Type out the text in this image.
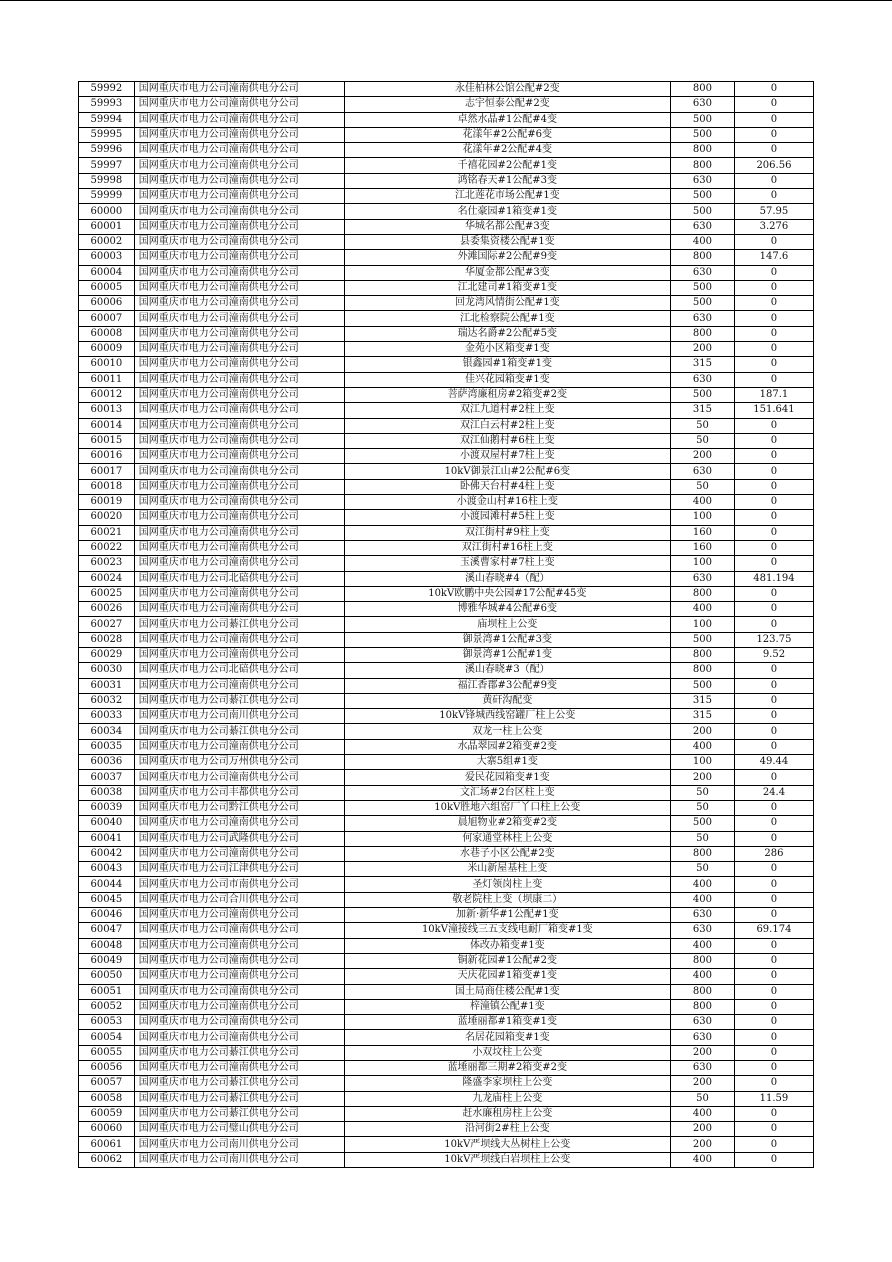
59992	国网重庆市电力公司潼南供电分公司	永佳柏林公馆公配#2变	800	0
59993	国网重庆市电力公司潼南供电分公司	志宇恒泰公配#2变	630	0
59994	国网重庆市电力公司潼南供电分公司	卓然水晶#1公配#4变	500	0
59995	国网重庆市电力公司潼南供电分公司	花漾年#2公配#6变	500	0
59996	国网重庆市电力公司潼南供电分公司	花漾年#2公配#4变	800	0
59997	国网重庆市电力公司潼南供电分公司	千禧花园#2公配#1变	800	206.56
59998	国网重庆市电力公司潼南供电分公司	鸿铭春天#1公配#3变	630	0
59999	国网重庆市电力公司潼南供电分公司	江北莲花市场公配#1变	500	0
60000	国网重庆市电力公司潼南供电分公司	名仕豪园#1箱变#1变	500	57.95
60001	国网重庆市电力公司潼南供电分公司	华城名都公配#3变	630	3.276
60002	国网重庆市电力公司潼南供电分公司	县委集资楼公配#1变	400	0
60003	国网重庆市电力公司潼南供电分公司	外滩国际#2公配#9变	800	147.6
60004	国网重庆市电力公司潼南供电分公司	华厦金都公配#3变	630	0
60005	国网重庆市电力公司潼南供电分公司	江北建司#1箱变#1变	500	0
60006	国网重庆市电力公司潼南供电分公司	回龙湾风情街公配#1变	500	0
60007	国网重庆市电力公司潼南供电分公司	江北检察院公配#1变	630	0
60008	国网重庆市电力公司潼南供电分公司	瑞达名爵#2公配#5变	800	0
60009	国网重庆市电力公司潼南供电分公司	金苑小区箱变#1变	200	0
60010	国网重庆市电力公司潼南供电分公司	银鑫园#1箱变#1变	315	0
60011	国网重庆市电力公司潼南供电分公司	佳兴花园箱变#1变	630	0
60012	国网重庆市电力公司潼南供电分公司	菩萨湾廉租房#2箱变#2变	500	187.1
60013	国网重庆市电力公司潼南供电分公司	双江九道村#2柱上变	315	151.641
60014	国网重庆市电力公司潼南供电分公司	双江白云村#2柱上变	50	0
60015	国网重庆市电力公司潼南供电分公司	双江仙鹅村#6柱上变	50	0
60016	国网重庆市电力公司潼南供电分公司	小渡双屋村#7柱上变	200	0
60017	国网重庆市电力公司潼南供电分公司	10kV御景江山#2公配#6变	630	0
60018	国网重庆市电力公司潼南供电分公司	卧佛天台村#4柱上变	50	0
60019	国网重庆市电力公司潼南供电分公司	小渡金山村#16柱上变	400	0
60020	国网重庆市电力公司潼南供电分公司	小渡园滩村#5柱上变	100	0
60021	国网重庆市电力公司潼南供电分公司	双江街村#9柱上变	160	0
60022	国网重庆市电力公司潼南供电分公司	双江街村#16柱上变	160	0
60023	国网重庆市电力公司潼南供电分公司	玉溪曹家村#7柱上变	100	0
60024	国网重庆市电力公司北碚供电分公司	溪山春晓#4（配）	630	481.194
60025	国网重庆市电力公司潼南供电分公司	10kV欧鹏中央公园#17公配#45变	800	0
60026	国网重庆市电力公司潼南供电分公司	博雅华城#4公配#6变	400	0
60027	国网重庆市电力公司綦江供电分公司	庙坝柱上公变	100	0
60028	国网重庆市电力公司潼南供电分公司	御景湾#1公配#3变	500	123.75
60029	国网重庆市电力公司潼南供电分公司	御景湾#1公配#1变	800	9.52
60030	国网重庆市电力公司北碚供电分公司	溪山春晓#3（配）	800	0
60031	国网重庆市电力公司潼南供电分公司	福江香郡#3公配#9变	500	0
60032	国网重庆市电力公司綦江供电分公司	黄矸沟配变	315	0
60033	国网重庆市电力公司南川供电分公司	10kV锋城西线窑罐厂柱上公变	315	0
60034	国网重庆市电力公司綦江供电分公司	双龙一柱上公变	200	0
60035	国网重庆市电力公司潼南供电分公司	水晶翠园#2箱变#2变	400	0
60036	国网重庆市电力公司万州供电分公司	大寨5组#1变	100	49.44
60037	国网重庆市电力公司潼南供电分公司	爱民花园箱变#1变	200	0
60038	国网重庆市电力公司丰都供电分公司	文汇场#2台区柱上变	50	24.4
60039	国网重庆市电力公司黔江供电分公司	10kV胜地六组窑厂丫口柱上公变	50	0
60040	国网重庆市电力公司潼南供电分公司	晨旭物业#2箱变#2变	500	0
60041	国网重庆市电力公司武隆供电分公司	何家通堂林柱上公变	50	0
60042	国网重庆市电力公司潼南供电分公司	水巷子小区公配#2变	800	286
60043	国网重庆市电力公司江津供电分公司	米山新屋基柱上变	50	0
60044	国网重庆市电力公司市南供电分公司	圣灯领岗柱上变	400	0
60045	国网重庆市电力公司合川供电分公司	敬老院柱上变（坝康二）	400	0
60046	国网重庆市电力公司潼南供电分公司	加新·新华#1公配#1变	630	0
60047	国网重庆市电力公司潼南供电分公司	10kV潼接线三五支线电耐厂箱变#1变	630	69.174
60048	国网重庆市电力公司潼南供电分公司	体改办箱变#1变	400	0
60049	国网重庆市电力公司潼南供电分公司	铜新花园#1公配#2变	800	0
60050	国网重庆市电力公司潼南供电分公司	天庆花园#1箱变#1变	400	0
60051	国网重庆市电力公司潼南供电分公司	国土局商住楼公配#1变	800	0
60052	国网重庆市电力公司潼南供电分公司	梓潼镇公配#1变	800	0
60053	国网重庆市电力公司潼南供电分公司	蓝埵丽都#1箱变#1变	630	0
60054	国网重庆市电力公司潼南供电分公司	名居花园箱变#1变	630	0
60055	国网重庆市电力公司綦江供电分公司	小双坟柱上公变	200	0
60056	国网重庆市电力公司潼南供电分公司	蓝埵丽都三期#2箱变#2变	630	0
60057	国网重庆市电力公司綦江供电分公司	隆盛李家坝柱上公变	200	0
60058	国网重庆市电力公司綦江供电分公司	九龙庙柱上公变	50	11.59
60059	国网重庆市电力公司綦江供电分公司	赶水廉租房柱上公变	400	0
60060	国网重庆市电力公司璧山供电分公司	沿河街2#柱上公变	200	0
60061	国网重庆市电力公司南川供电分公司	10kV严坝线大丛树柱上公变	200	0
60062	国网重庆市电力公司南川供电分公司	10kV严坝线白岩坝柱上公变	400	0
